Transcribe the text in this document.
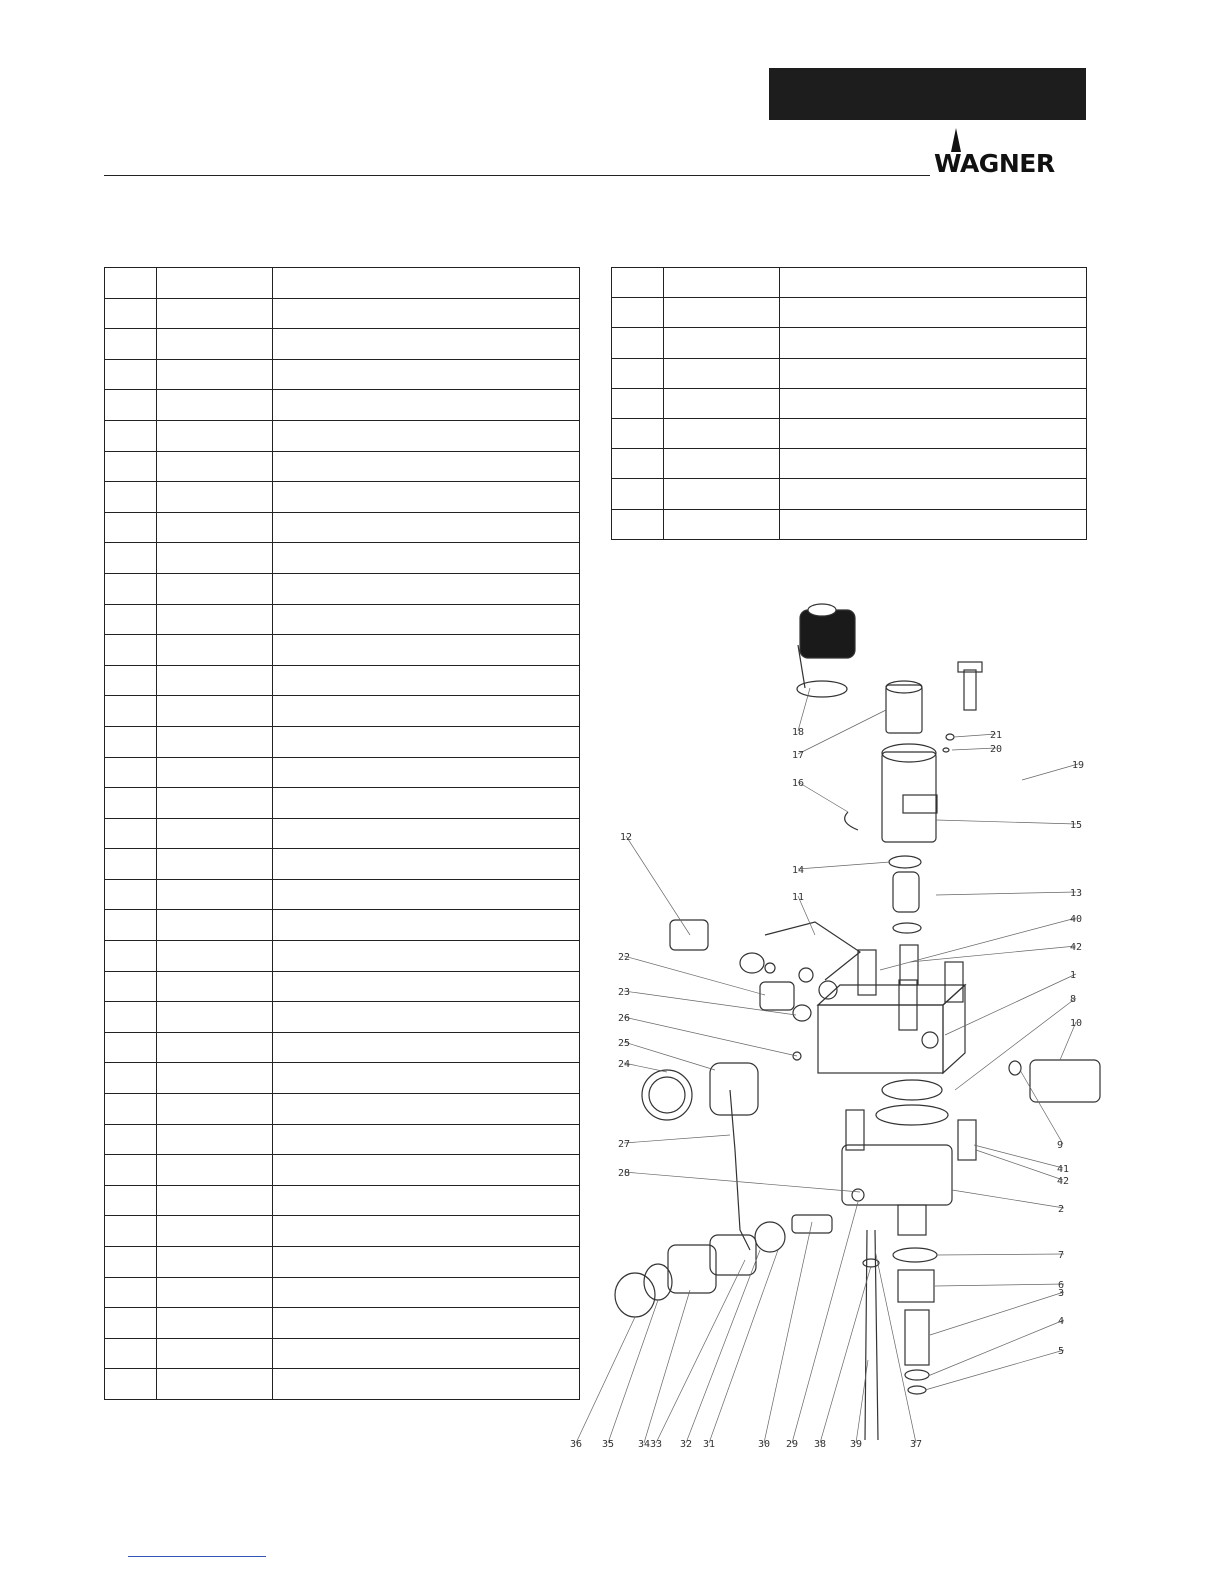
WAGNER

1
2
3
4
5
6
7
8
9
10
11
12
13
14
15
16
17
18
19
20
21
22
23
24
25
26
27
28
29
30
31
32
33
34
35
36	37
38 39
40
41
42
42
